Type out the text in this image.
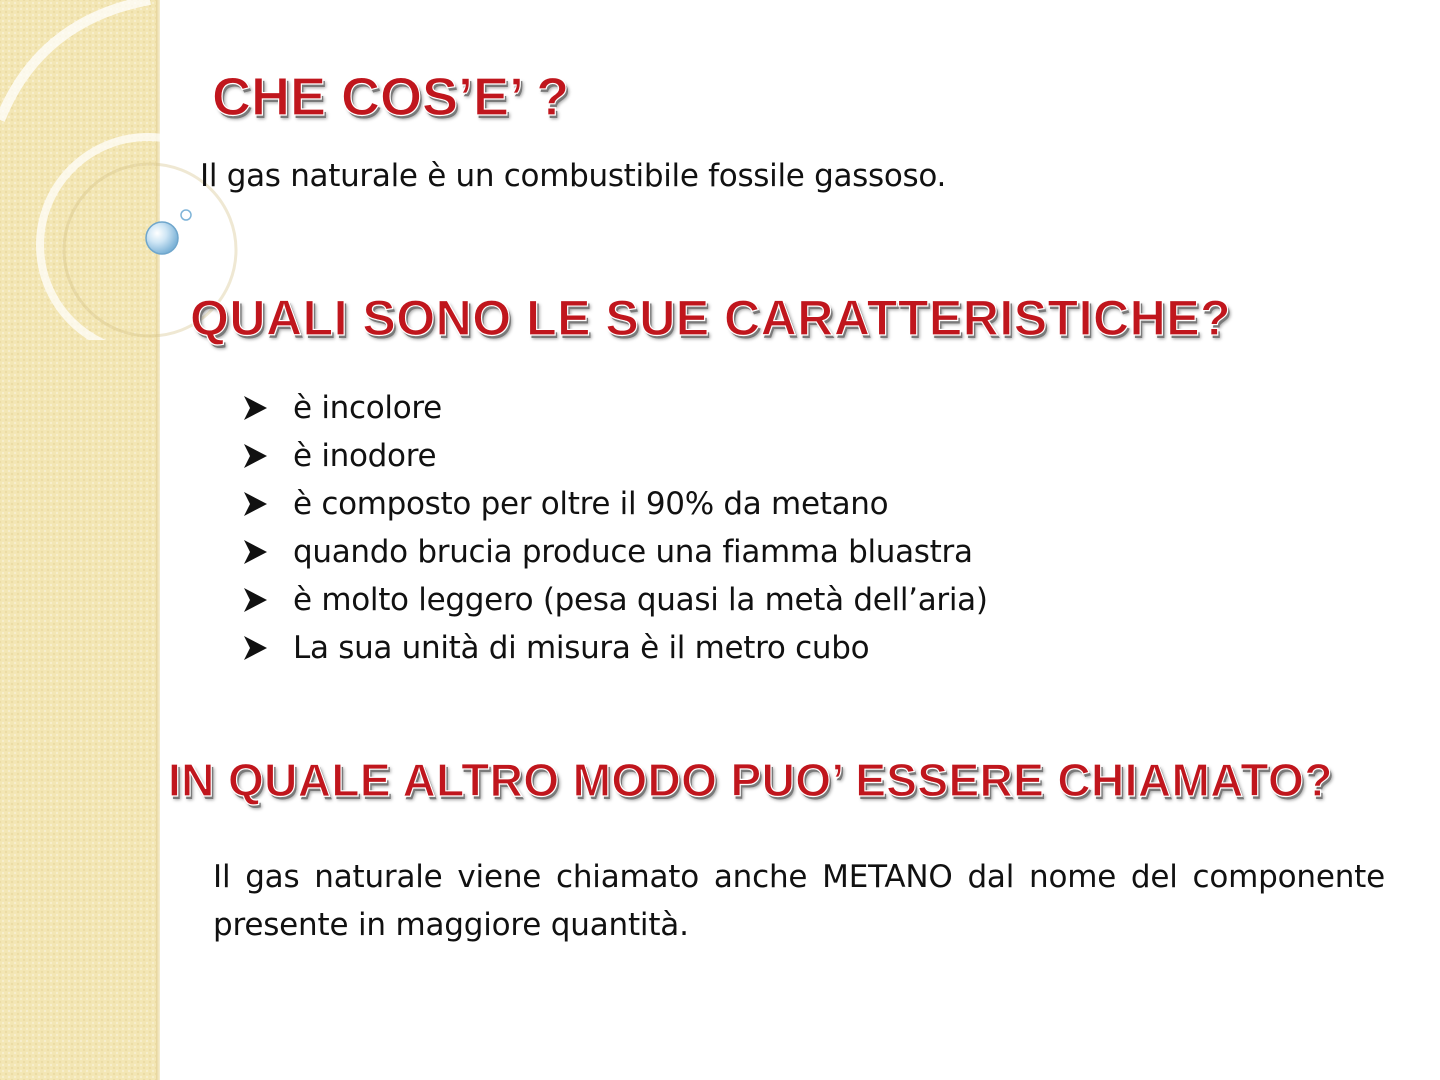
CHE COS’E’ ?

Il gas naturale è un combustibile fossile gassoso.

QUALI SONO LE SUE CARATTERISTICHE?
è incolore
è inodore
è composto per oltre il 90% da metano
quando brucia produce una fiamma bluastra
è molto leggero (pesa quasi la metà dell’aria)
La sua unità di misura è il metro cubo
IN QUALE ALTRO MODO PUO’ ESSERE CHIAMATO?

Il gas naturale viene chiamato anche METANO dal nome del componente presente in maggiore quantità.
